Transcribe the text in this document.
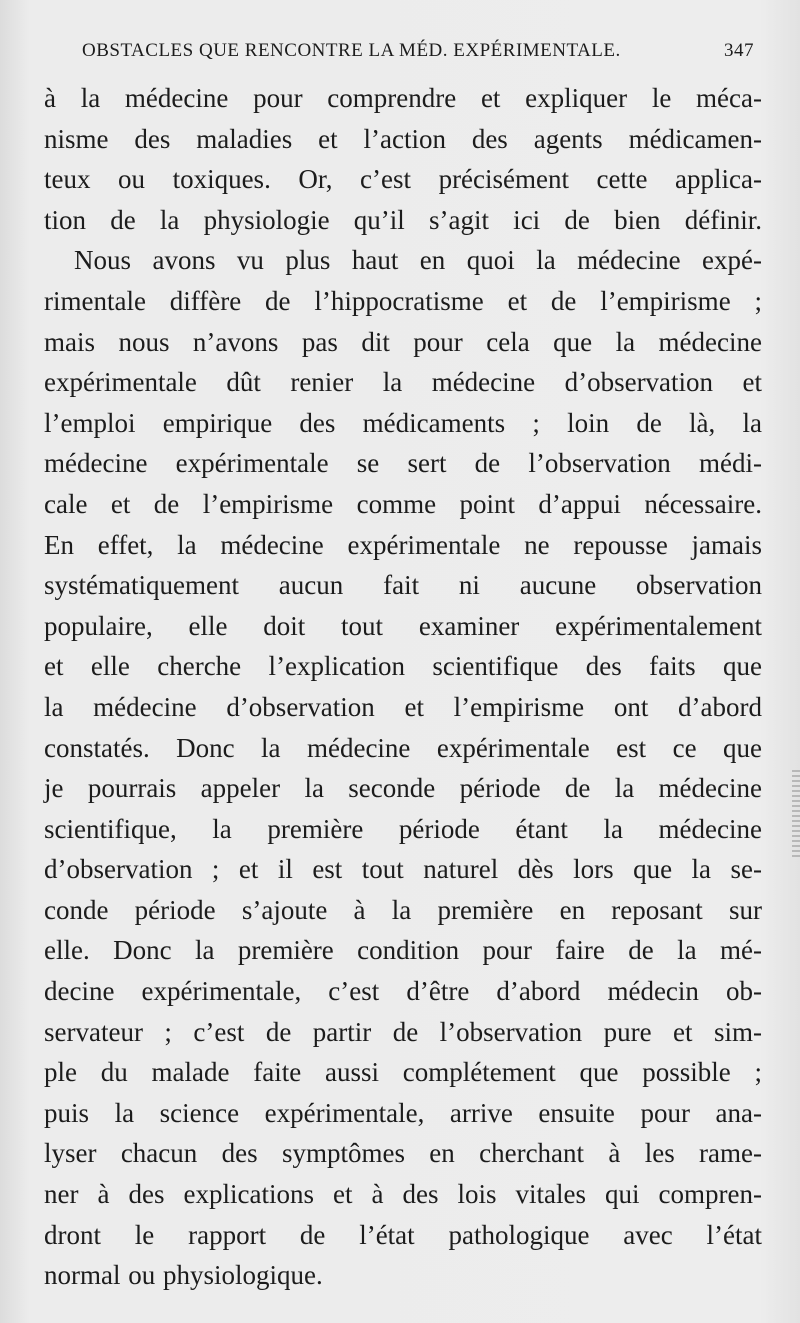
OBSTACLES QUE RENCONTRE LA MÉD. EXPÉRIMENTALE.	347
à la médecine pour comprendre et expliquer le méca-
nisme des maladies et l’action des agents médicamen-
teux ou toxiques. Or, c’est précisément cette applica-
tion de la physiologie qu’il s’agit ici de bien définir.
Nous avons vu plus haut en quoi la médecine expé-
rimentale diffère de l’hippocratisme et de l’empirisme ;
mais nous n’avons pas dit pour cela que la médecine
expérimentale dût renier la médecine d’observation et
l’emploi empirique des médicaments ; loin de là, la
médecine expérimentale se sert de l’observation médi-
cale et de l’empirisme comme point d’appui nécessaire.
En effet, la médecine expérimentale ne repousse jamais
systématiquement aucun fait ni aucune observation
populaire, elle doit tout examiner expérimentalement
et elle cherche l’explication scientifique des faits que
la médecine d’observation et l’empirisme ont d’abord
constatés. Donc la médecine expérimentale est ce que
je pourrais appeler la seconde période de la médecine
scientifique, la première période étant la médecine
d’observation ; et il est tout naturel dès lors que la se-
conde période s’ajoute à la première en reposant sur
elle. Donc la première condition pour faire de la mé-
decine expérimentale, c’est d’être d’abord médecin ob-
servateur ; c’est de partir de l’observation pure et sim-
ple du malade faite aussi complétement que possible ;
puis la science expérimentale, arrive ensuite pour ana-
lyser chacun des symptômes en cherchant à les rame-
ner à des explications et à des lois vitales qui compren-
dront le rapport de l’état pathologique avec l’état
normal ou physiologique.
